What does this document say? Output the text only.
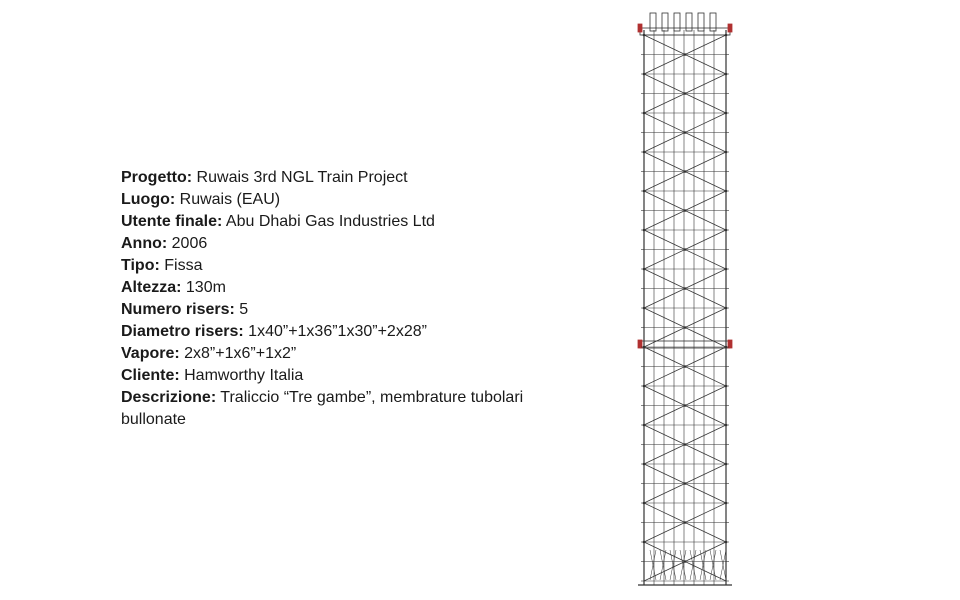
Progetto: Ruwais 3rd NGL Train Project

Luogo: Ruwais (EAU)

Utente finale: Abu Dhabi Gas Industries Ltd

Anno: 2006

Tipo: Fissa

Altezza: 130m

Numero risers: 5

Diametro risers: 1x40”+1x36”1x30”+2x28”

Vapore: 2x8”+1x6”+1x2”

Cliente: Hamworthy Italia

Descrizione: Traliccio “Tre gambe”, membrature tubolari bullonate
